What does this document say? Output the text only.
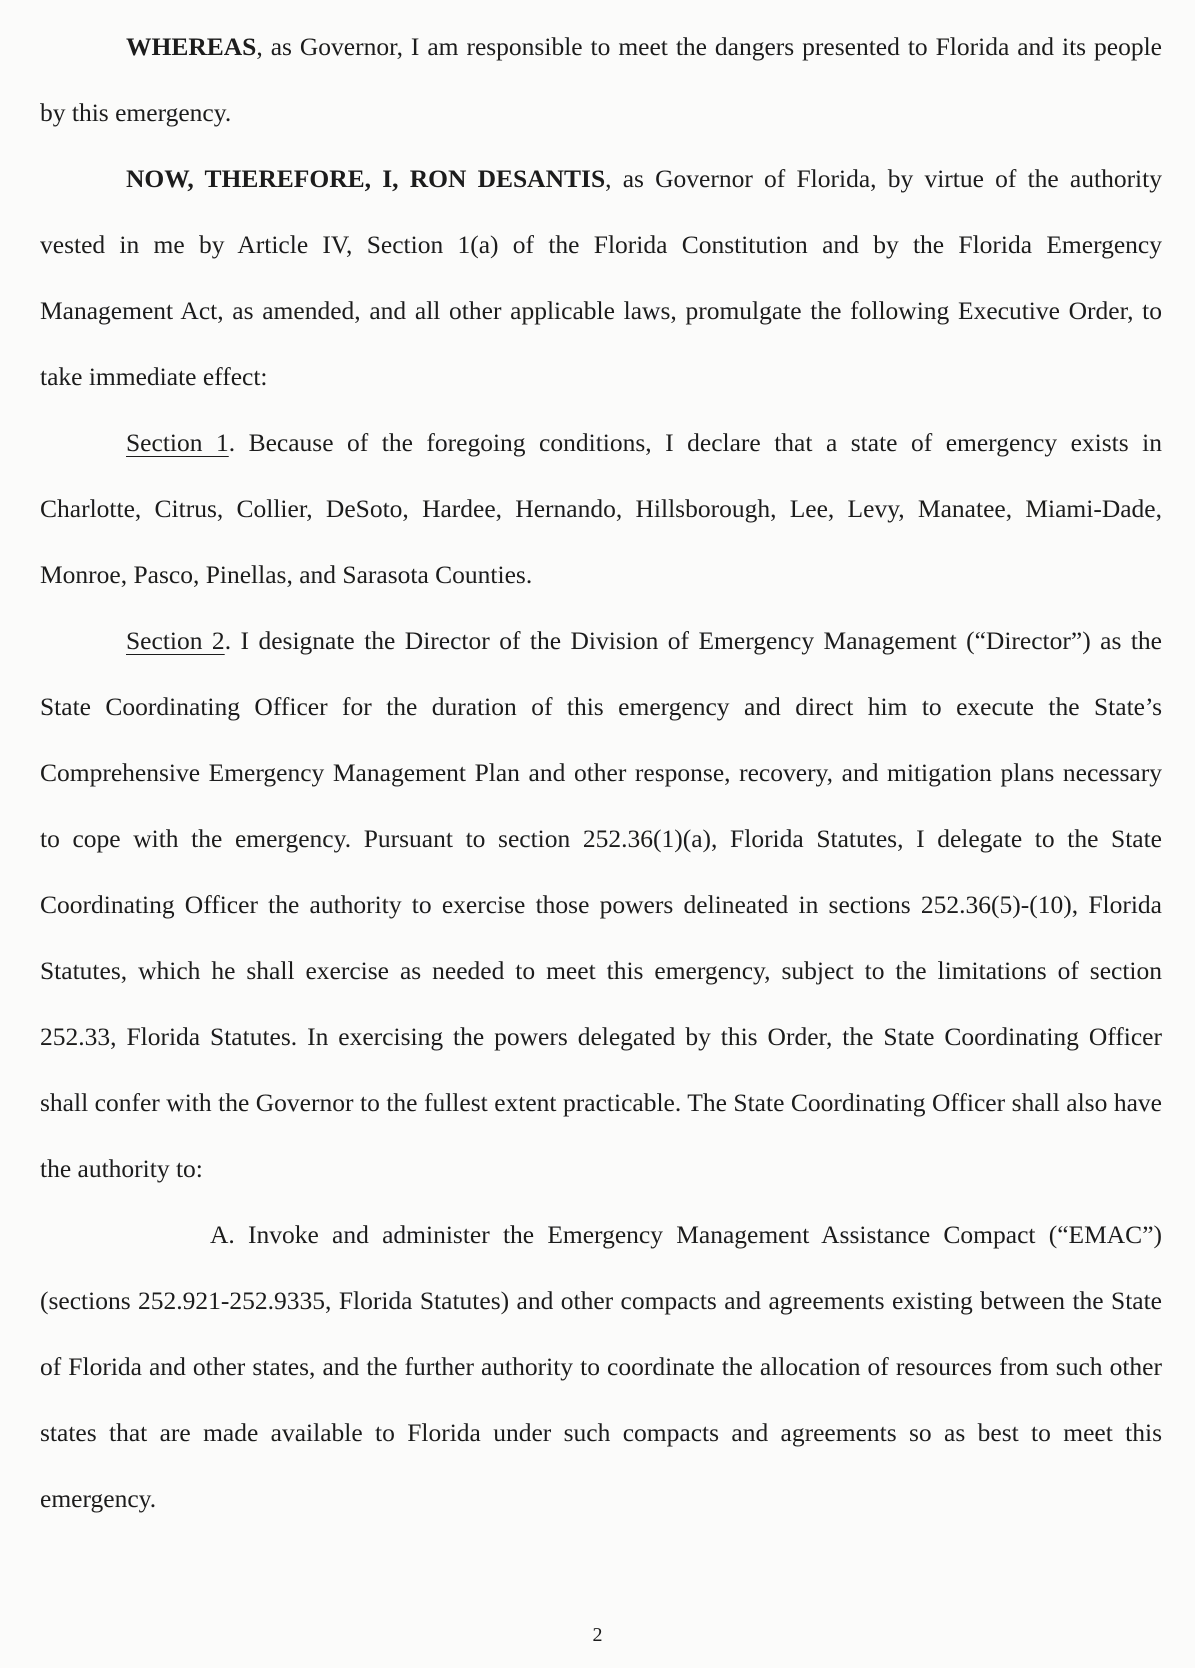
WHEREAS, as Governor, I am responsible to meet the dangers presented to Florida and its people by this emergency.

NOW, THEREFORE, I, RON DESANTIS, as Governor of Florida, by virtue of the authority vested in me by Article IV, Section 1(a) of the Florida Constitution and by the Florida Emergency Management Act, as amended, and all other applicable laws, promulgate the following Executive Order, to take immediate effect:

Section 1. Because of the foregoing conditions, I declare that a state of emergency exists in Charlotte, Citrus, Collier, DeSoto, Hardee, Hernando, Hillsborough, Lee, Levy, Manatee, Miami-Dade, Monroe, Pasco, Pinellas, and Sarasota Counties.

Section 2. I designate the Director of the Division of Emergency Management (“Director”) as the State Coordinating Officer for the duration of this emergency and direct him to execute the State’s Comprehensive Emergency Management Plan and other response, recovery, and mitigation plans necessary to cope with the emergency. Pursuant to section 252.36(1)(a), Florida Statutes, I delegate to the State Coordinating Officer the authority to exercise those powers delineated in sections 252.36(5)-(10), Florida Statutes, which he shall exercise as needed to meet this emergency, subject to the limitations of section 252.33, Florida Statutes. In exercising the powers delegated by this Order, the State Coordinating Officer shall confer with the Governor to the fullest extent practicable. The State Coordinating Officer shall also have the authority to:

A. Invoke and administer the Emergency Management Assistance Compact (“EMAC”) (sections 252.921-252.9335, Florida Statutes) and other compacts and agreements existing between the State of Florida and other states, and the further authority to coordinate the allocation of resources from such other states that are made available to Florida under such compacts and agreements so as best to meet this emergency.

2
